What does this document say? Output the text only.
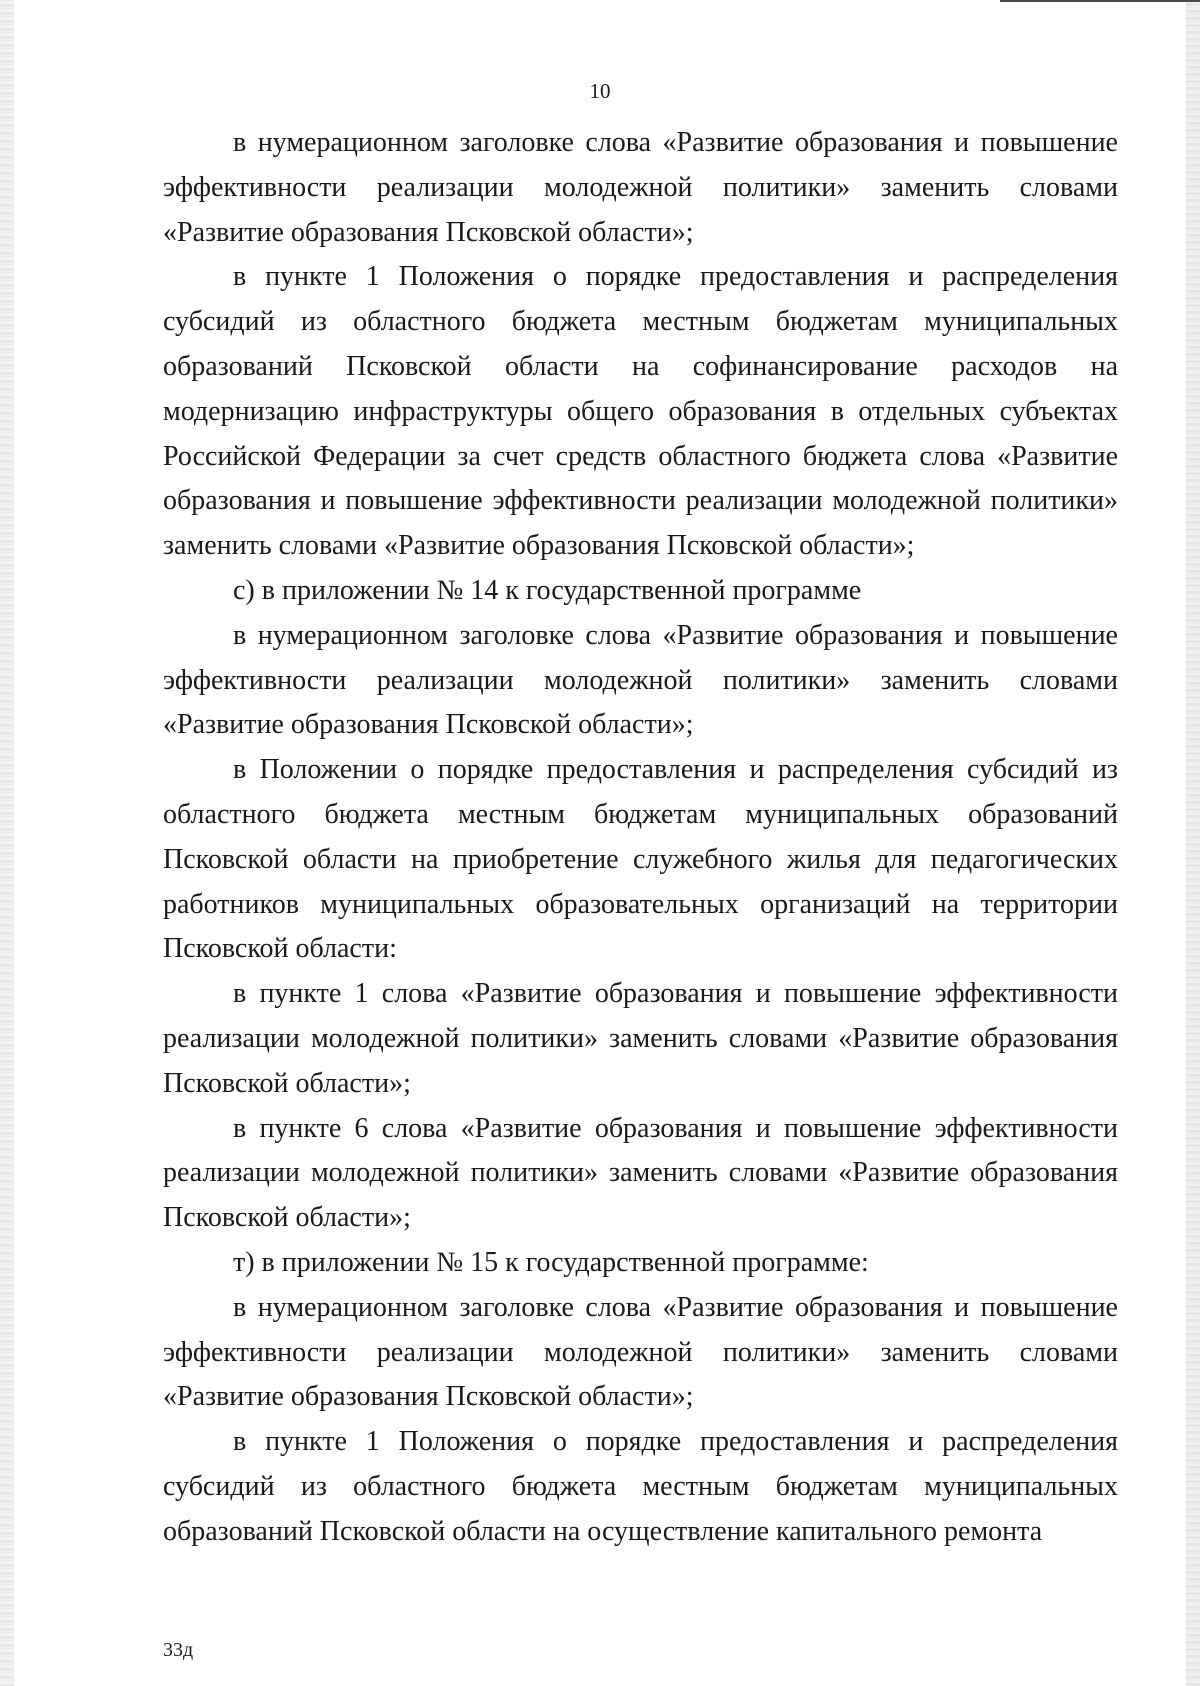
10

в нумерационном заголовке слова «Развитие образования и повышение эффективности реализации молодежной политики» заменить словами «Развитие образования Псковской области»;

в пункте 1 Положения о порядке предоставления и распределения субсидий из областного бюджета местным бюджетам муниципальных образований Псковской области на софинансирование расходов на модернизацию инфраструктуры общего образования в отдельных субъектах Российской Федерации за счет средств областного бюджета слова «Развитие образования и повышение эффективности реализации молодежной политики» заменить словами «Развитие образования Псковской области»;

с) в приложении № 14 к государственной программе

в нумерационном заголовке слова «Развитие образования и повышение эффективности реализации молодежной политики» заменить словами «Развитие образования Псковской области»;

в Положении о порядке предоставления и распределения субсидий из областного бюджета местным бюджетам муниципальных образований Псковской области на приобретение служебного жилья для педагогических работников муниципальных образовательных организаций на территории Псковской области:

в пункте 1 слова «Развитие образования и повышение эффективности реализации молодежной политики» заменить словами «Развитие образования Псковской области»;

в пункте 6 слова «Развитие образования и повышение эффективности реализации молодежной политики» заменить словами «Развитие образования Псковской области»;

т) в приложении № 15 к государственной программе:

в нумерационном заголовке слова «Развитие образования и повышение эффективности реализации молодежной политики» заменить словами «Развитие образования Псковской области»;

в пункте 1 Положения о порядке предоставления и распределения субсидий из областного бюджета местным бюджетам муниципальных образований Псковской области на осуществление капитального ремонта

33д
